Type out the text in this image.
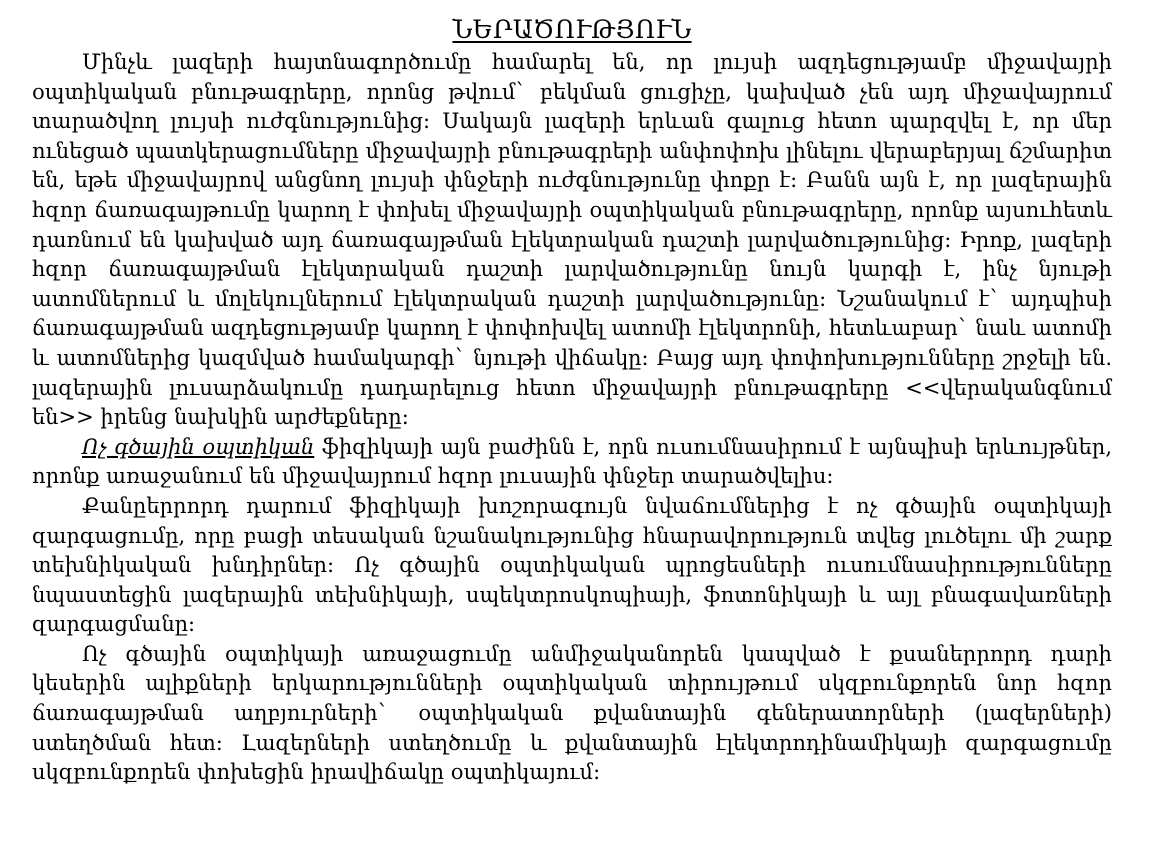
ՆԵՐԱԾՈՒԹՅՈՒՆ

Մինչև լազերի հայտնագործումը համարել են, որ լույսի ազդեցությամբ միջավայրի օպտիկական բնութագրերը, որոնց թվում` բեկման ցուցիչը, կախված չեն այդ միջավայրում տարածվող լույսի ուժգնությունից: Սակայն լազերի երևան գալուց հետո պարզվել է, որ մեր ունեցած պատկերացումները միջավայրի բնութագրերի անփոփոխ լինելու վերաբերյալ ճշմարիտ են, եթե միջավայրով անցնող լույսի փնջերի ուժգնությունը փոքր է: Բանն այն է, որ լազերային հզոր ճառագայթումը կարող է փոխել միջավայրի օպտիկական բնութագրերը, որոնք այսուհետև դառնում են կախված այդ ճառագայթման էլեկտրական դաշտի լարվածությունից: Իրոք, լազերի հզոր ճառագայթման էլեկտրական դաշտի լարվածությունը նույն կարգի է, ինչ նյութի ատոմներում և մոլեկուլներում էլեկտրական դաշտի լարվածությունը: Նշանակում է` այդպիսի ճառագայթման ազդեցությամբ կարող է փոփոխվել ատոմի էլեկտրոնի, հետևաբար` նաև ատոմի և ատոմներից կազմված համակարգի` նյութի վիճակը: Բայց այդ փոփոխությունները շրջելի են. լազերային լուսարձակումը դադարելուց հետո միջավայրի բնութագրերը <<վերականգնում են>> իրենց նախկին արժեքները:

Ոչ գծային օպտիկան ֆիզիկայի այն բաժինն է, որն ուսումնասիրում է այնպիսի երևույթներ, որոնք առաջանում են միջավայրում հզոր լուսային փնջեր տարածվելիս:

Քանըերրորդ դարում ֆիզիկայի խոշորագույն նվաճումներից է ոչ գծային օպտիկայի զարգացումը, որը բացի տեսական նշանակությունից հնարավորություն տվեց լուծելու մի շարք տեխնիկական խնդիրներ: Ոչ գծային օպտիկական պրոցեսների ուսումնասիրությունները նպաստեցին լազերային տեխնիկայի, սպեկտրոսկոպիայի, ֆոտոնիկայի և այլ բնագավառների զարգացմանը:

Ոչ գծային օպտիկայի առաջացումը անմիջականորեն կապված է քսաներրորդ դարի կեսերին ալիքների երկարությունների օպտիկական տիրույթում սկզբունքորեն նոր հզոր ճառագայթման աղբյուրների` օպտիկական քվանտային գեներատորների (լազերների) ստեղծման հետ: Լազերների ստեղծումը և քվանտային էլեկտրոդինամիկայի զարգացումը սկզբունքորեն փոխեցին իրավիճակը օպտիկայում:
